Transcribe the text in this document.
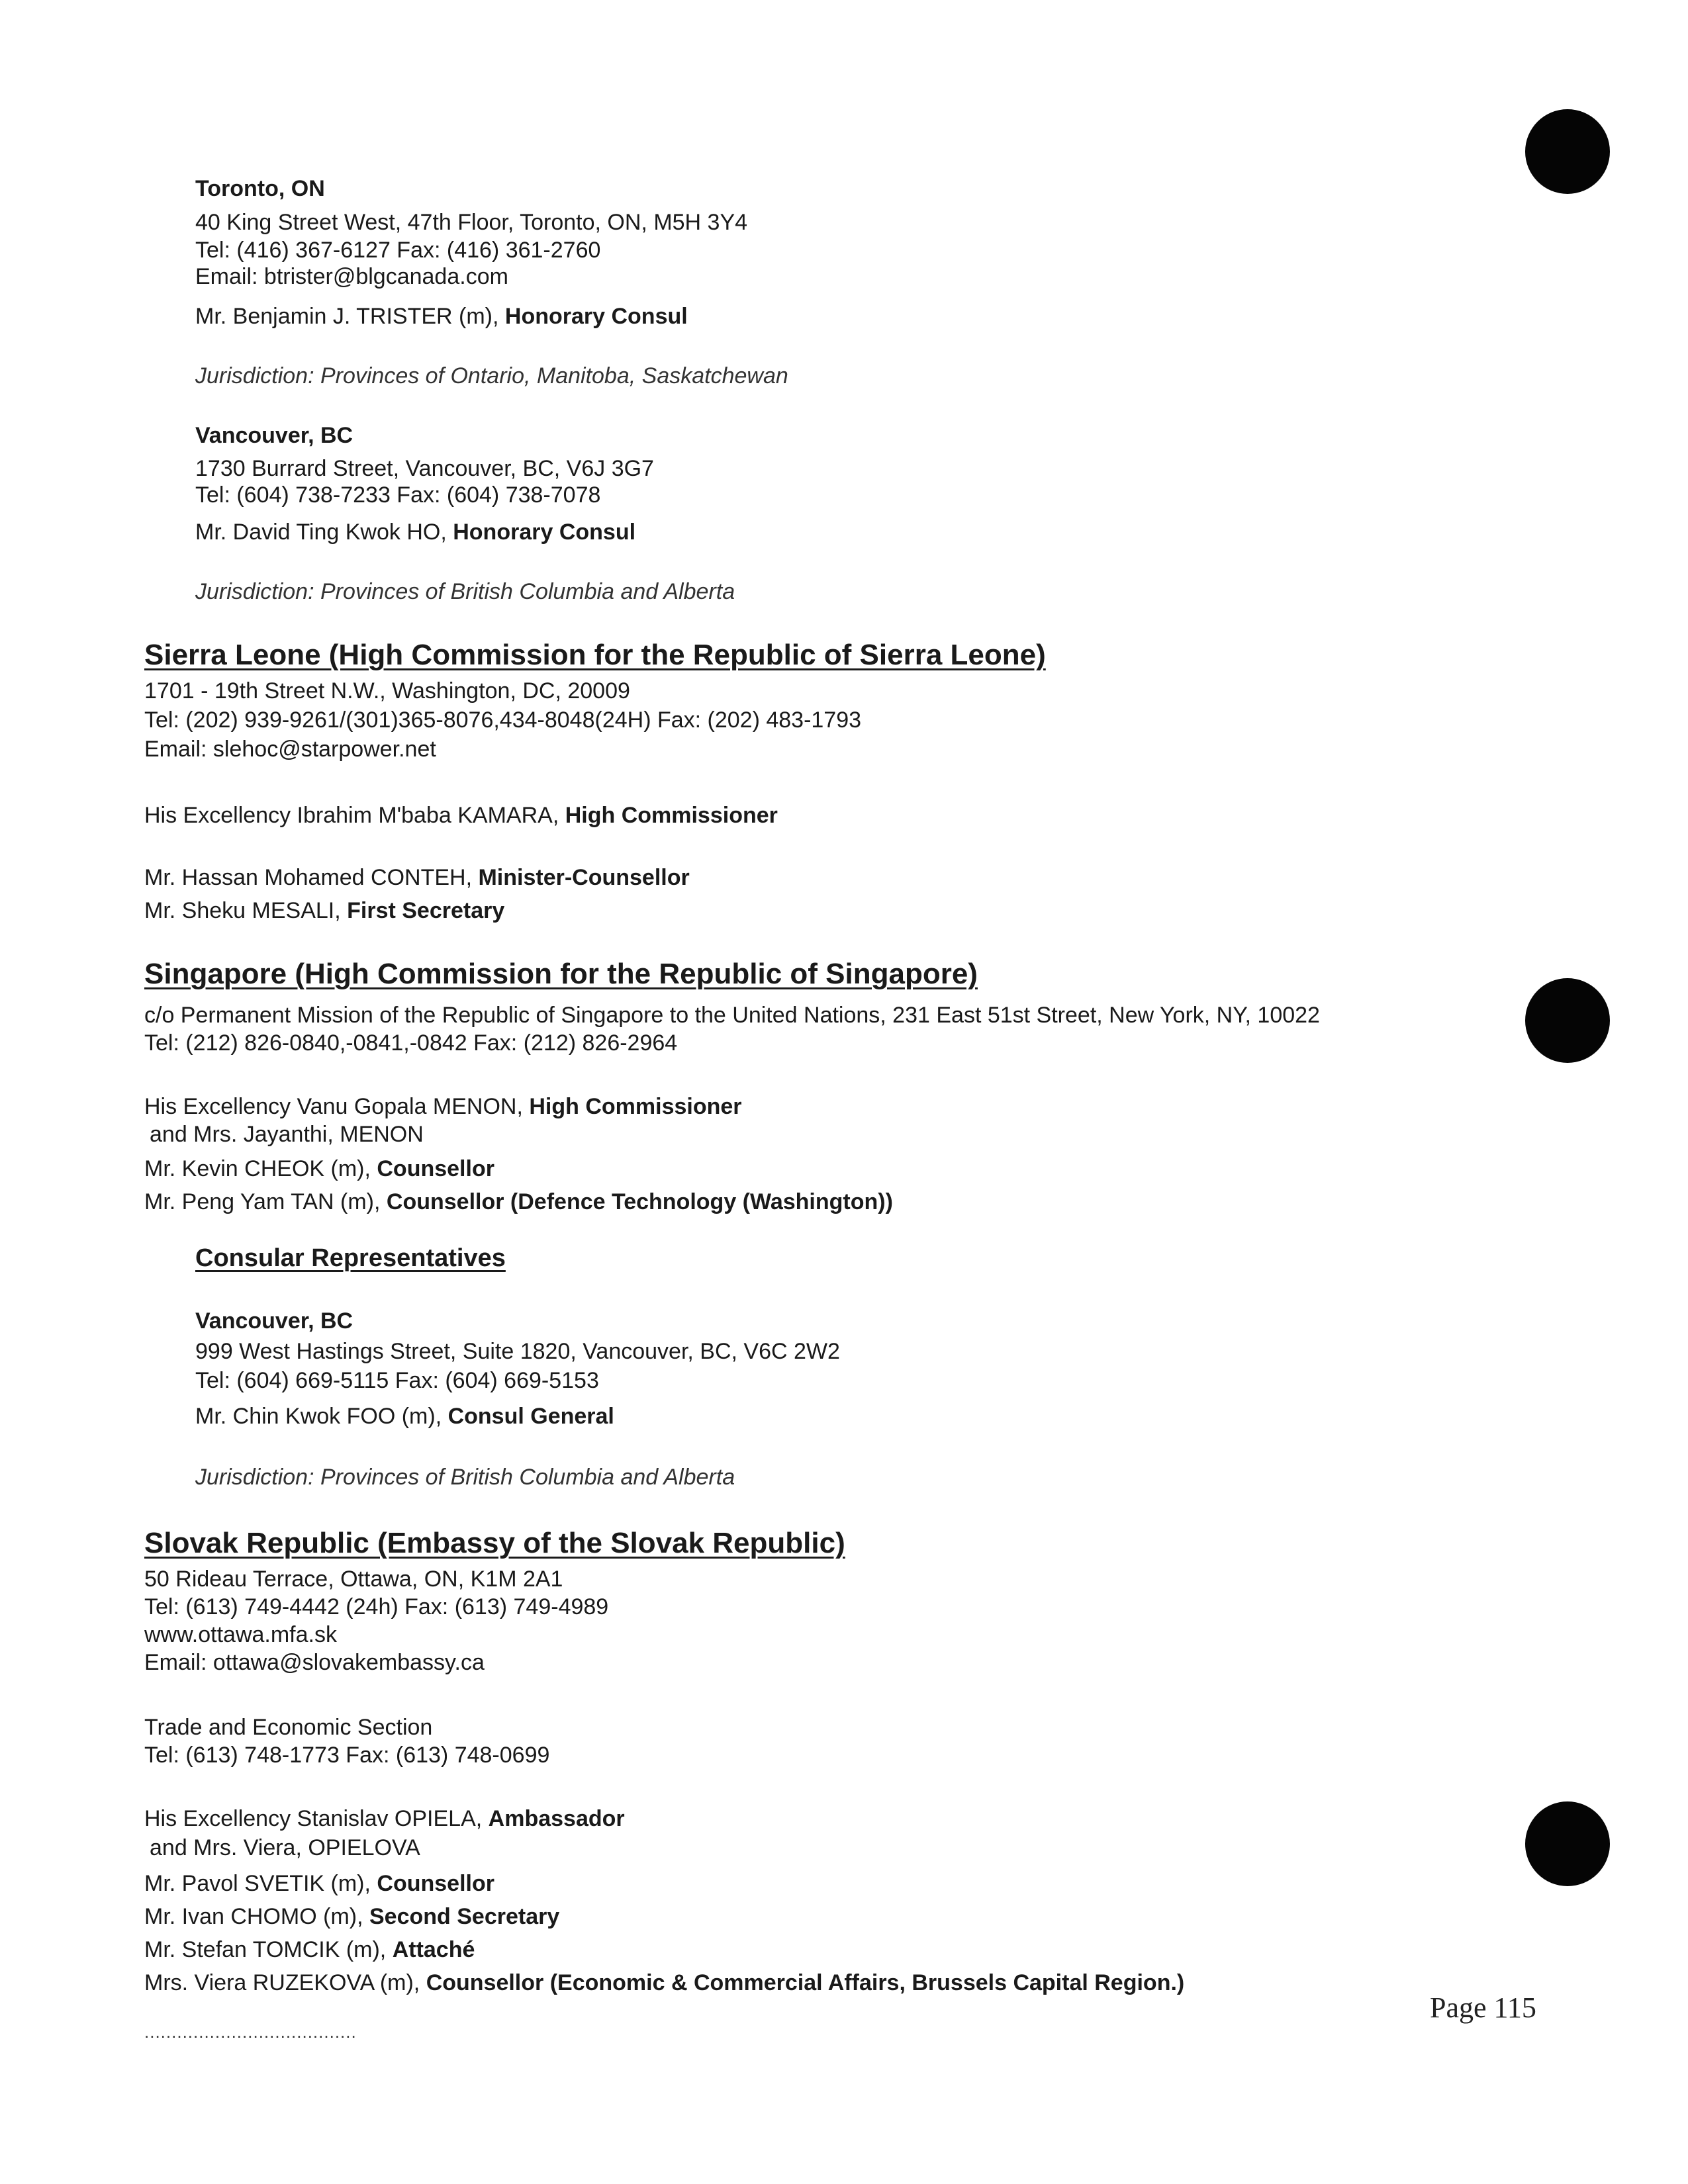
Toronto, ON
40 King Street West, 47th Floor, Toronto, ON, M5H 3Y4
Tel: (416) 367-6127 Fax: (416) 361-2760
Email: btrister@blgcanada.com
Mr. Benjamin J. TRISTER (m), Honorary Consul
Jurisdiction: Provinces of Ontario, Manitoba, Saskatchewan
Vancouver, BC
1730 Burrard Street, Vancouver, BC, V6J 3G7
Tel: (604) 738-7233 Fax: (604) 738-7078
Mr. David Ting Kwok HO, Honorary Consul
Jurisdiction: Provinces of British Columbia and Alberta
Sierra Leone (High Commission for the Republic of Sierra Leone)
1701 - 19th Street N.W., Washington, DC, 20009
Tel: (202) 939-9261/(301)365-8076,434-8048(24H) Fax: (202) 483-1793
Email: slehoc@starpower.net
His Excellency Ibrahim M'baba KAMARA, High Commissioner
Mr. Hassan Mohamed CONTEH, Minister-Counsellor
Mr. Sheku MESALI, First Secretary
Singapore (High Commission for the Republic of Singapore)
c/o Permanent Mission of the Republic of Singapore to the United Nations, 231 East 51st Street, New York, NY, 10022
Tel: (212) 826-0840,-0841,-0842 Fax: (212) 826-2964
His Excellency Vanu Gopala MENON, High Commissioner
and Mrs. Jayanthi, MENON
Mr. Kevin CHEOK (m), Counsellor
Mr. Peng Yam TAN (m), Counsellor (Defence Technology (Washington))
Consular Representatives
Vancouver, BC
999 West Hastings Street, Suite 1820, Vancouver, BC, V6C 2W2
Tel: (604) 669-5115 Fax: (604) 669-5153
Mr. Chin Kwok FOO (m), Consul General
Jurisdiction: Provinces of British Columbia and Alberta
Slovak Republic (Embassy of the Slovak Republic)
50 Rideau Terrace, Ottawa, ON, K1M 2A1
Tel: (613) 749-4442 (24h) Fax: (613) 749-4989
www.ottawa.mfa.sk
Email: ottawa@slovakembassy.ca
Trade and Economic Section
Tel: (613) 748-1773 Fax: (613) 748-0699
His Excellency Stanislav OPIELA, Ambassador
and Mrs. Viera, OPIELOVA
Mr. Pavol SVETIK (m), Counsellor
Mr. Ivan CHOMO (m), Second Secretary
Mr. Stefan TOMCIK (m), Attaché
Mrs. Viera RUZEKOVA (m), Counsellor (Economic & Commercial Affairs, Brussels Capital Region.)
.......................................
Page 115
